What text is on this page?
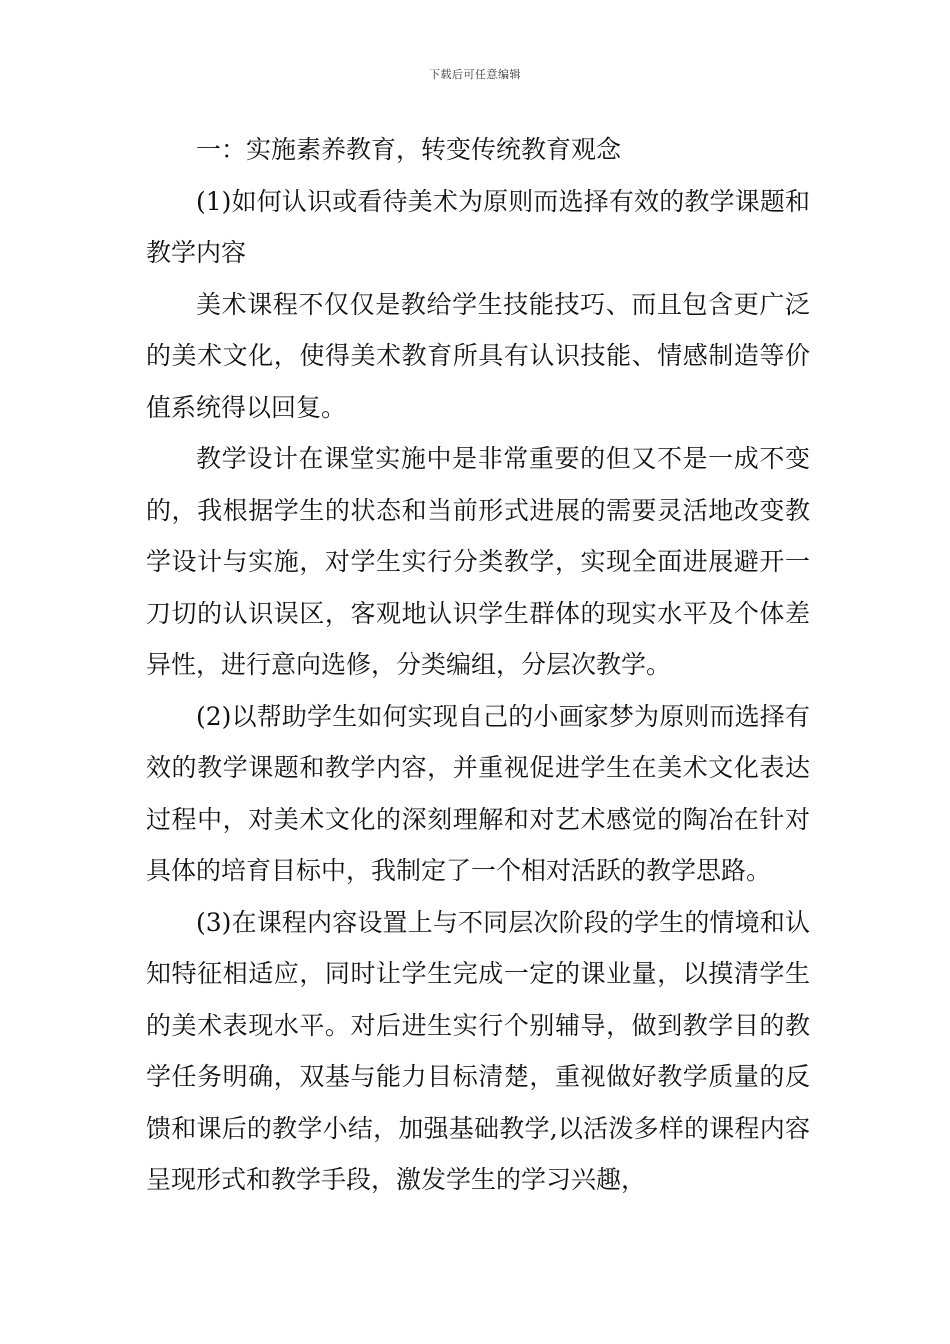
下载后可任意编辑

一：实施素养教育，转变传统教育观念

(1)如何认识或看待美术为原则而选择有效的教学课题和教学内容

美术课程不仅仅是教给学生技能技巧、而且包含更广泛的美术文化，使得美术教育所具有认识技能、情感制造等价值系统得以回复。

教学设计在课堂实施中是非常重要的但又不是一成不变的，我根据学生的状态和当前形式进展的需要灵活地改变教学设计与实施，对学生实行分类教学，实现全面进展避开一刀切的认识误区，客观地认识学生群体的现实水平及个体差异性，进行意向选修，分类编组，分层次教学。

(2)以帮助学生如何实现自己的小画家梦为原则而选择有效的教学课题和教学内容，并重视促进学生在美术文化表达过程中，对美术文化的深刻理解和对艺术感觉的陶冶在针对具体的培育目标中，我制定了一个相对活跃的教学思路。

(3)在课程内容设置上与不同层次阶段的学生的情境和认知特征相适应，同时让学生完成一定的课业量，以摸清学生的美术表现水平。对后进生实行个别辅导，做到教学目的教学任务明确，双基与能力目标清楚，重视做好教学质量的反馈和课后的教学小结，加强基础教学,以活泼多样的课程内容呈现形式和教学手段，激发学生的学习兴趣，
